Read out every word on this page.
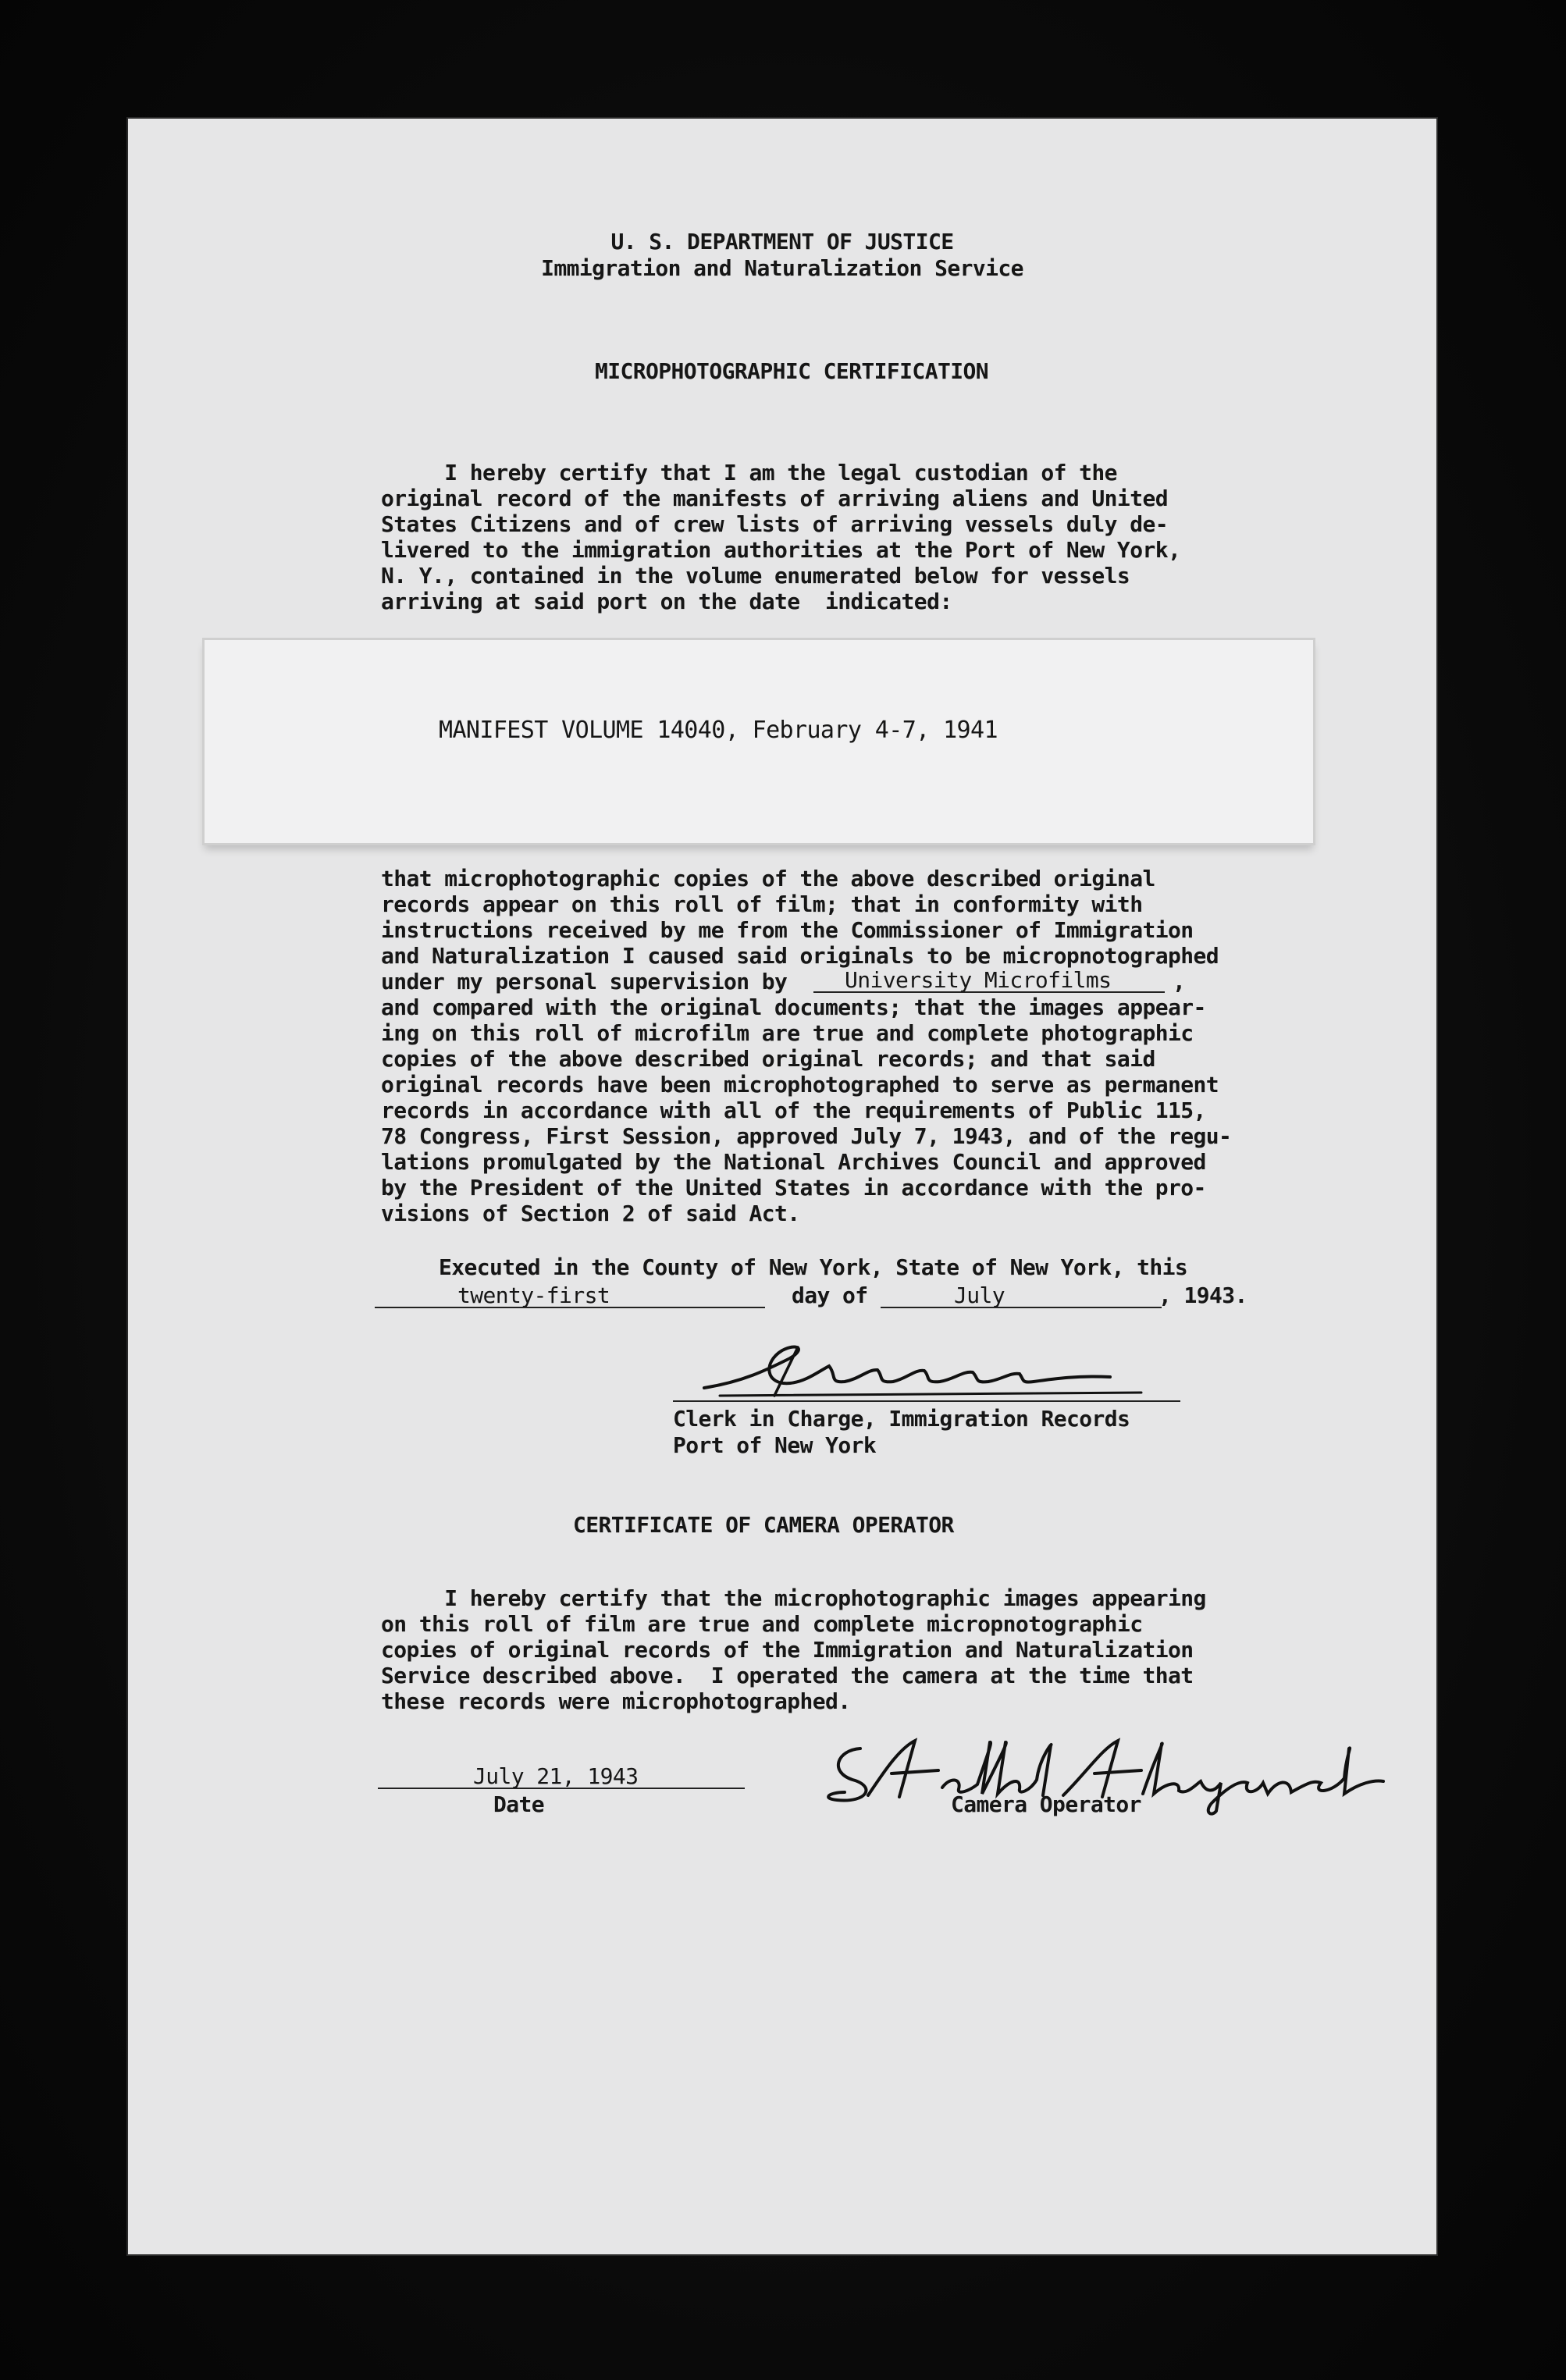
U. S. DEPARTMENT OF JUSTICE
Immigration and Naturalization Service
MICROPHOTOGRAPHIC CERTIFICATION
I hereby certify that I am the legal custodian of the
original record of the manifests of arriving aliens and United
States Citizens and of crew lists of arriving vessels duly de-
livered to the immigration authorities at the Port of New York,
N. Y., contained in the volume enumerated below for vessels
arriving at said port on the date  indicated:
MANIFEST VOLUME 14040, February 4-7, 1941
that microphotographic copies of the above described original
records appear on this roll of film; that in conformity with
instructions received by me from the Commissioner of Immigration
and Naturalization I caused said originals to be micropnotographed
under my personal supervision by	University Microfilms	,
and compared with the original documents; that the images appear-
ing on this roll of microfilm are true and complete photographic
copies of the above described original records; and that said
original records have been microphotographed to serve as permanent
records in accordance with all of the requirements of Public 115,
78 Congress, First Session, approved July 7, 1943, and of the regu-
lations promulgated by the National Archives Council and approved
by the President of the United States in accordance with the pro-
visions of Section 2 of said Act.
Executed in the County of New York, State of New York, this
twenty-first	day of	July	, 1943.
Clerk in Charge, Immigration Records
Port of New York
CERTIFICATE OF CAMERA OPERATOR
I hereby certify that the microphotographic images appearing
on this roll of film are true and complete micropnotographic
copies of original records of the Immigration and Naturalization
Service described above.  I operated the camera at the time that
these records were microphotographed.
July 21, 1943
Date	Camera Operator
